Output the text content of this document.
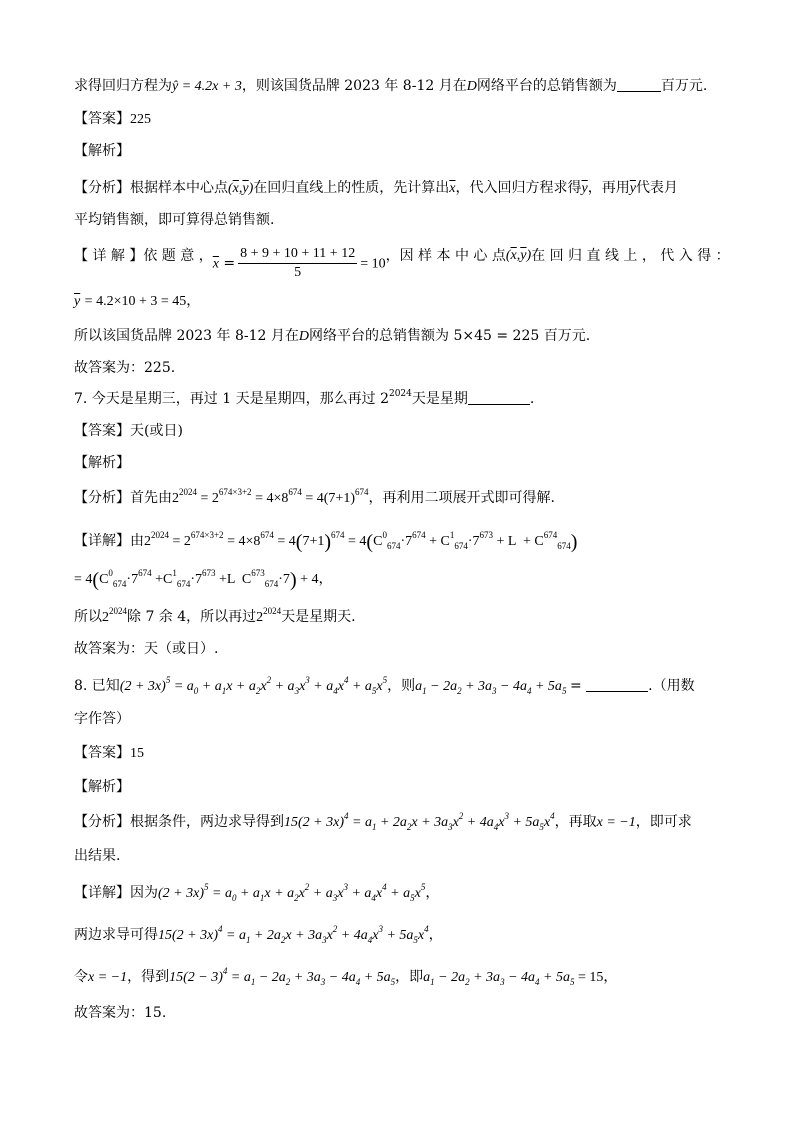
求得回归方程为ŷ = 4.2x + 3，则该国货品牌 2023 年 8-12 月在D网络平台的总销售额为	百万元.
【答案】225
【解析】
【分析】根据样本中心点$(\overline{x},\overline{y})$在回归直线上的性质，先计算出$\overline{x}$，代入回归方程求得$\overline{y}$，再用$\overline{y}$代表月
平均销售额，即可算得总销售额.
【 详 解 】 依 题 意 ， $\overline{x} = \frac{8 + 9 + 10 + 11 + 12}{5} = 10$ ，因 样 本 中 心 点 $(\overline{x},\overline{y})$ 在 回 归 直 线 上 ， 代 入 得 ：
$\overline{y} = 4.2\times 10 + 3 = 45$，
所以该国货品牌 2023 年 8-12 月在D网络平台的总销售额为 5×45 = 225 百万元.
故答案为：225.
7. 今天是星期三，再过 1 天是星期四，那么再过 $2^{2024}$天是星期	.
【答案】天(或日)
【解析】
【分析】首先由$2^{2024} = 2^{674\times 3+2} = 4\times 8^{674} = 4(7+1)^{674}$，再利用二项展开式即可得解.
【详解】由$2^{2024} = 2^{674\times 3+2} = 4\times 8^{674} = 4(7+1)^{674} = 4(C^0_{674}\cdot 7^{674} + C^1_{674}\cdot 7^{673} + L + C^{674}_{674})$
= $4(C^0_{674}\cdot 7^{674} +C^1_{674}\cdot 7^{673} +L$  $C^{673}_{674}\cdot 7) + 4$，
所以$2^{2024}$除 7 余 4，所以再过$2^{2024}$天是星期天.
故答案为：天（或日）.
8. 已知$(2 + 3x)^5 = a_0 + a_1x + a_2x^2 + a_3x^3 + a_4x^4 + a_5x^5$，则$a_1 - 2a_2 + 3a_3 - 4a_4 + 5a_5$ =	.（用数
字作答）
【答案】15
【解析】
【分析】根据条件，两边求导得到$15(2 + 3x)^4 = a_1 + 2a_2x + 3a_3x^2 + 4a_4x^3 + 5a_5x^4$，再取x = −1，即可求
出结果.
【详解】因为$(2 + 3x)^5 = a_0 + a_1x + a_2x^2 + a_3x^3 + a_4x^4 + a_5x^5$，
两边求导可得$15(2 + 3x)^4 = a_1 + 2a_2x + 3a_3x^2 + 4a_4x^3 + 5a_5x^4$，
令x = −1，得到$15(2 - 3)^4 = a_1 - 2a_2 + 3a_3 - 4a_4 + 5a_5$，即$a_1 - 2a_2 + 3a_3 - 4a_4 + 5a_5 = 15$，
故答案为：15.
